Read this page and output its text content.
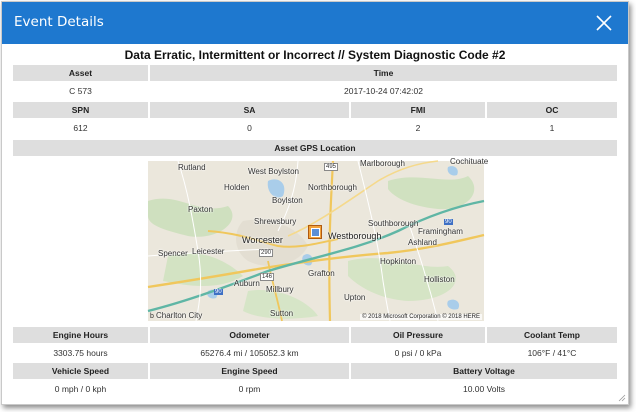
Event Details
Data Erratic, Intermittent or Incorrect // System Diagnostic Code #2
Asset	Time
C 573	2017-10-24 07:42:02
SPN	SA	FMI	OC
612	0	2	1
Asset GPS Location
Rutland	West Boylston
Holden
Boylston
Northborough
Marlborough	Cochituate
Paxton
Shrewsbury	Southborough
Framingham
Worcester	Westborough
Ashland
Spencer Leicester
Grafton
Hopkinton
Auburn
Millbury
Holliston
Upton
Sutton
Charlton City
290
495
146
90
90
b	© 2018 Microsoft Corporation © 2018 HERE
Engine Hours	Odometer	Oil Pressure	Coolant Temp
3303.75 hours	65276.4 mi / 105052.3 km	0 psi / 0 kPa	106°F / 41°C
Vehicle Speed	Engine Speed	Battery Voltage	
0 mph / 0 kph	0 rpm	10.00 Volts	
